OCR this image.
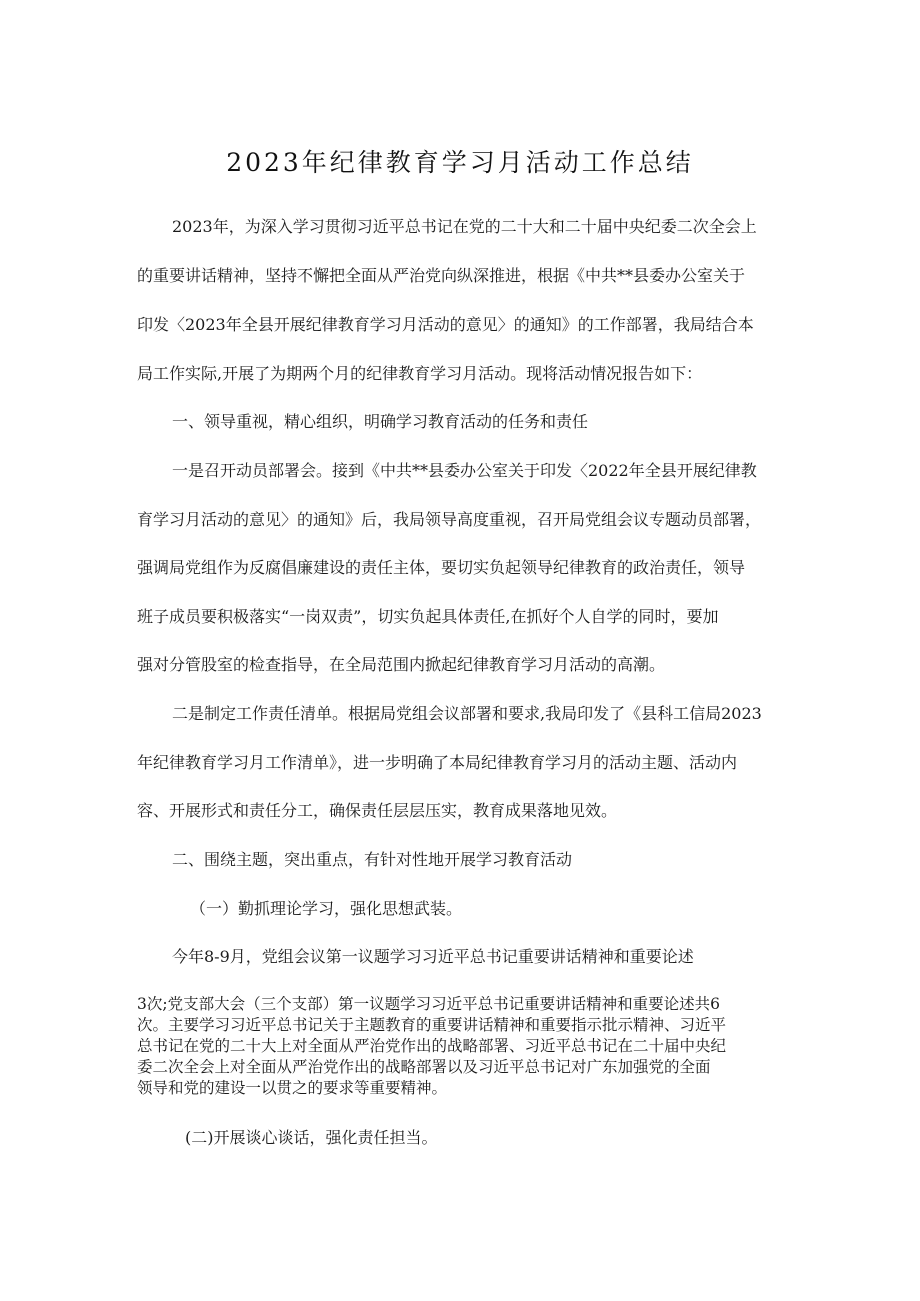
2023年纪律教育学习月活动工作总结
2023年，为深入学习贯彻习近平总书记在党的二十大和二十届中央纪委二次全会上
的重要讲话精神，坚持不懈把全面从严治党向纵深推进，根据《中共**县委办公室关于
印发〈2023年全县开展纪律教育学习月活动的意见〉的通知》的工作部署，我局结合本
局工作实际,开展了为期两个月的纪律教育学习月活动。现将活动情况报告如下：
一、领导重视，精心组织，明确学习教育活动的任务和责任
一是召开动员部署会。接到《中共**县委办公室关于印发〈2022年全县开展纪律教
育学习月活动的意见〉的通知》后，我局领导高度重视，召开局党组会议专题动员部署，
强调局党组作为反腐倡廉建设的责任主体，要切实负起领导纪律教育的政治责任，领导
班子成员要积极落实“一岗双责”，切实负起具体责任,在抓好个人自学的同时，要加
强对分管股室的检查指导，在全局范围内掀起纪律教育学习月活动的高潮。
二是制定工作责任清单。根据局党组会议部署和要求,我局印发了《县科工信局2023
年纪律教育学习月工作清单》，进一步明确了本局纪律教育学习月的活动主题、活动内
容、开展形式和责任分工，确保责任层层压实，教育成果落地见效。
二、围绕主题，突出重点，有针对性地开展学习教育活动
（一）勤抓理论学习，强化思想武装。
今年8-9月，党组会议第一议题学习习近平总书记重要讲话精神和重要论述
3次;党支部大会（三个支部）第一议题学习习近平总书记重要讲话精神和重要论述共6
次。主要学习习近平总书记关于主题教育的重要讲话精神和重要指示批示精神、习近平
总书记在党的二十大上对全面从严治党作出的战略部署、习近平总书记在二十届中央纪
委二次全会上对全面从严治党作出的战略部署以及习近平总书记对广东加强党的全面
领导和党的建设一以贯之的要求等重要精神。
(二)开展谈心谈话，强化责任担当。
